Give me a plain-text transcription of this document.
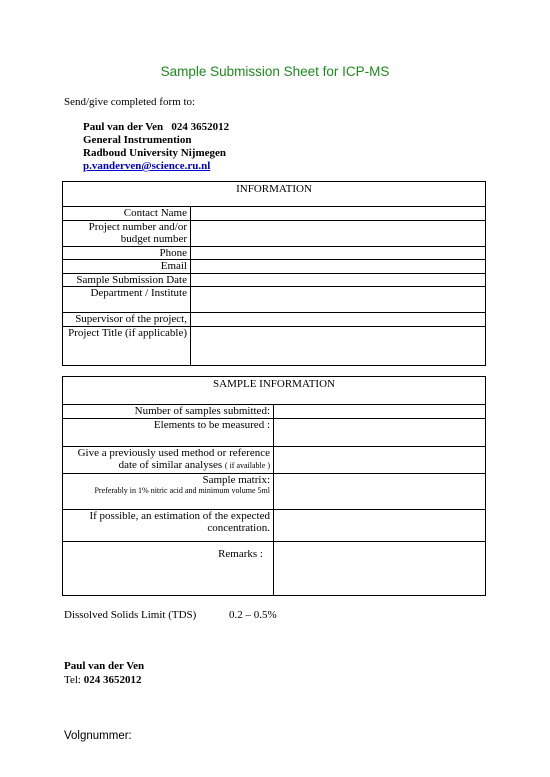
Sample Submission Sheet for ICP-MS
Send/give completed form to:
Paul van der Ven   024 3652012
General Instrumention
Radboud University Nijmegen
p.vanderven@science.ru.nl
INFORMATION	
Contact Name	
Project number and/or budget number	
Phone	
Email	
Sample Submission Date	
Department / Institute	
Supervisor of the project,	
Project Title (if applicable)	
SAMPLE INFORMATION	
Number of samples submitted:	
Elements to be measured :	
Give a previously used method or reference date of similar analyses ( if available )	

Sample matrix:
Preferably in 1% nitric acid and minimum volume 5ml	

If possible, an estimation of the expected concentration.	
Remarks :	
Dissolved Solids Limit (TDS)	0.2 – 0.5%
Paul van der Ven
Tel: 024 3652012
Volgnummer:
